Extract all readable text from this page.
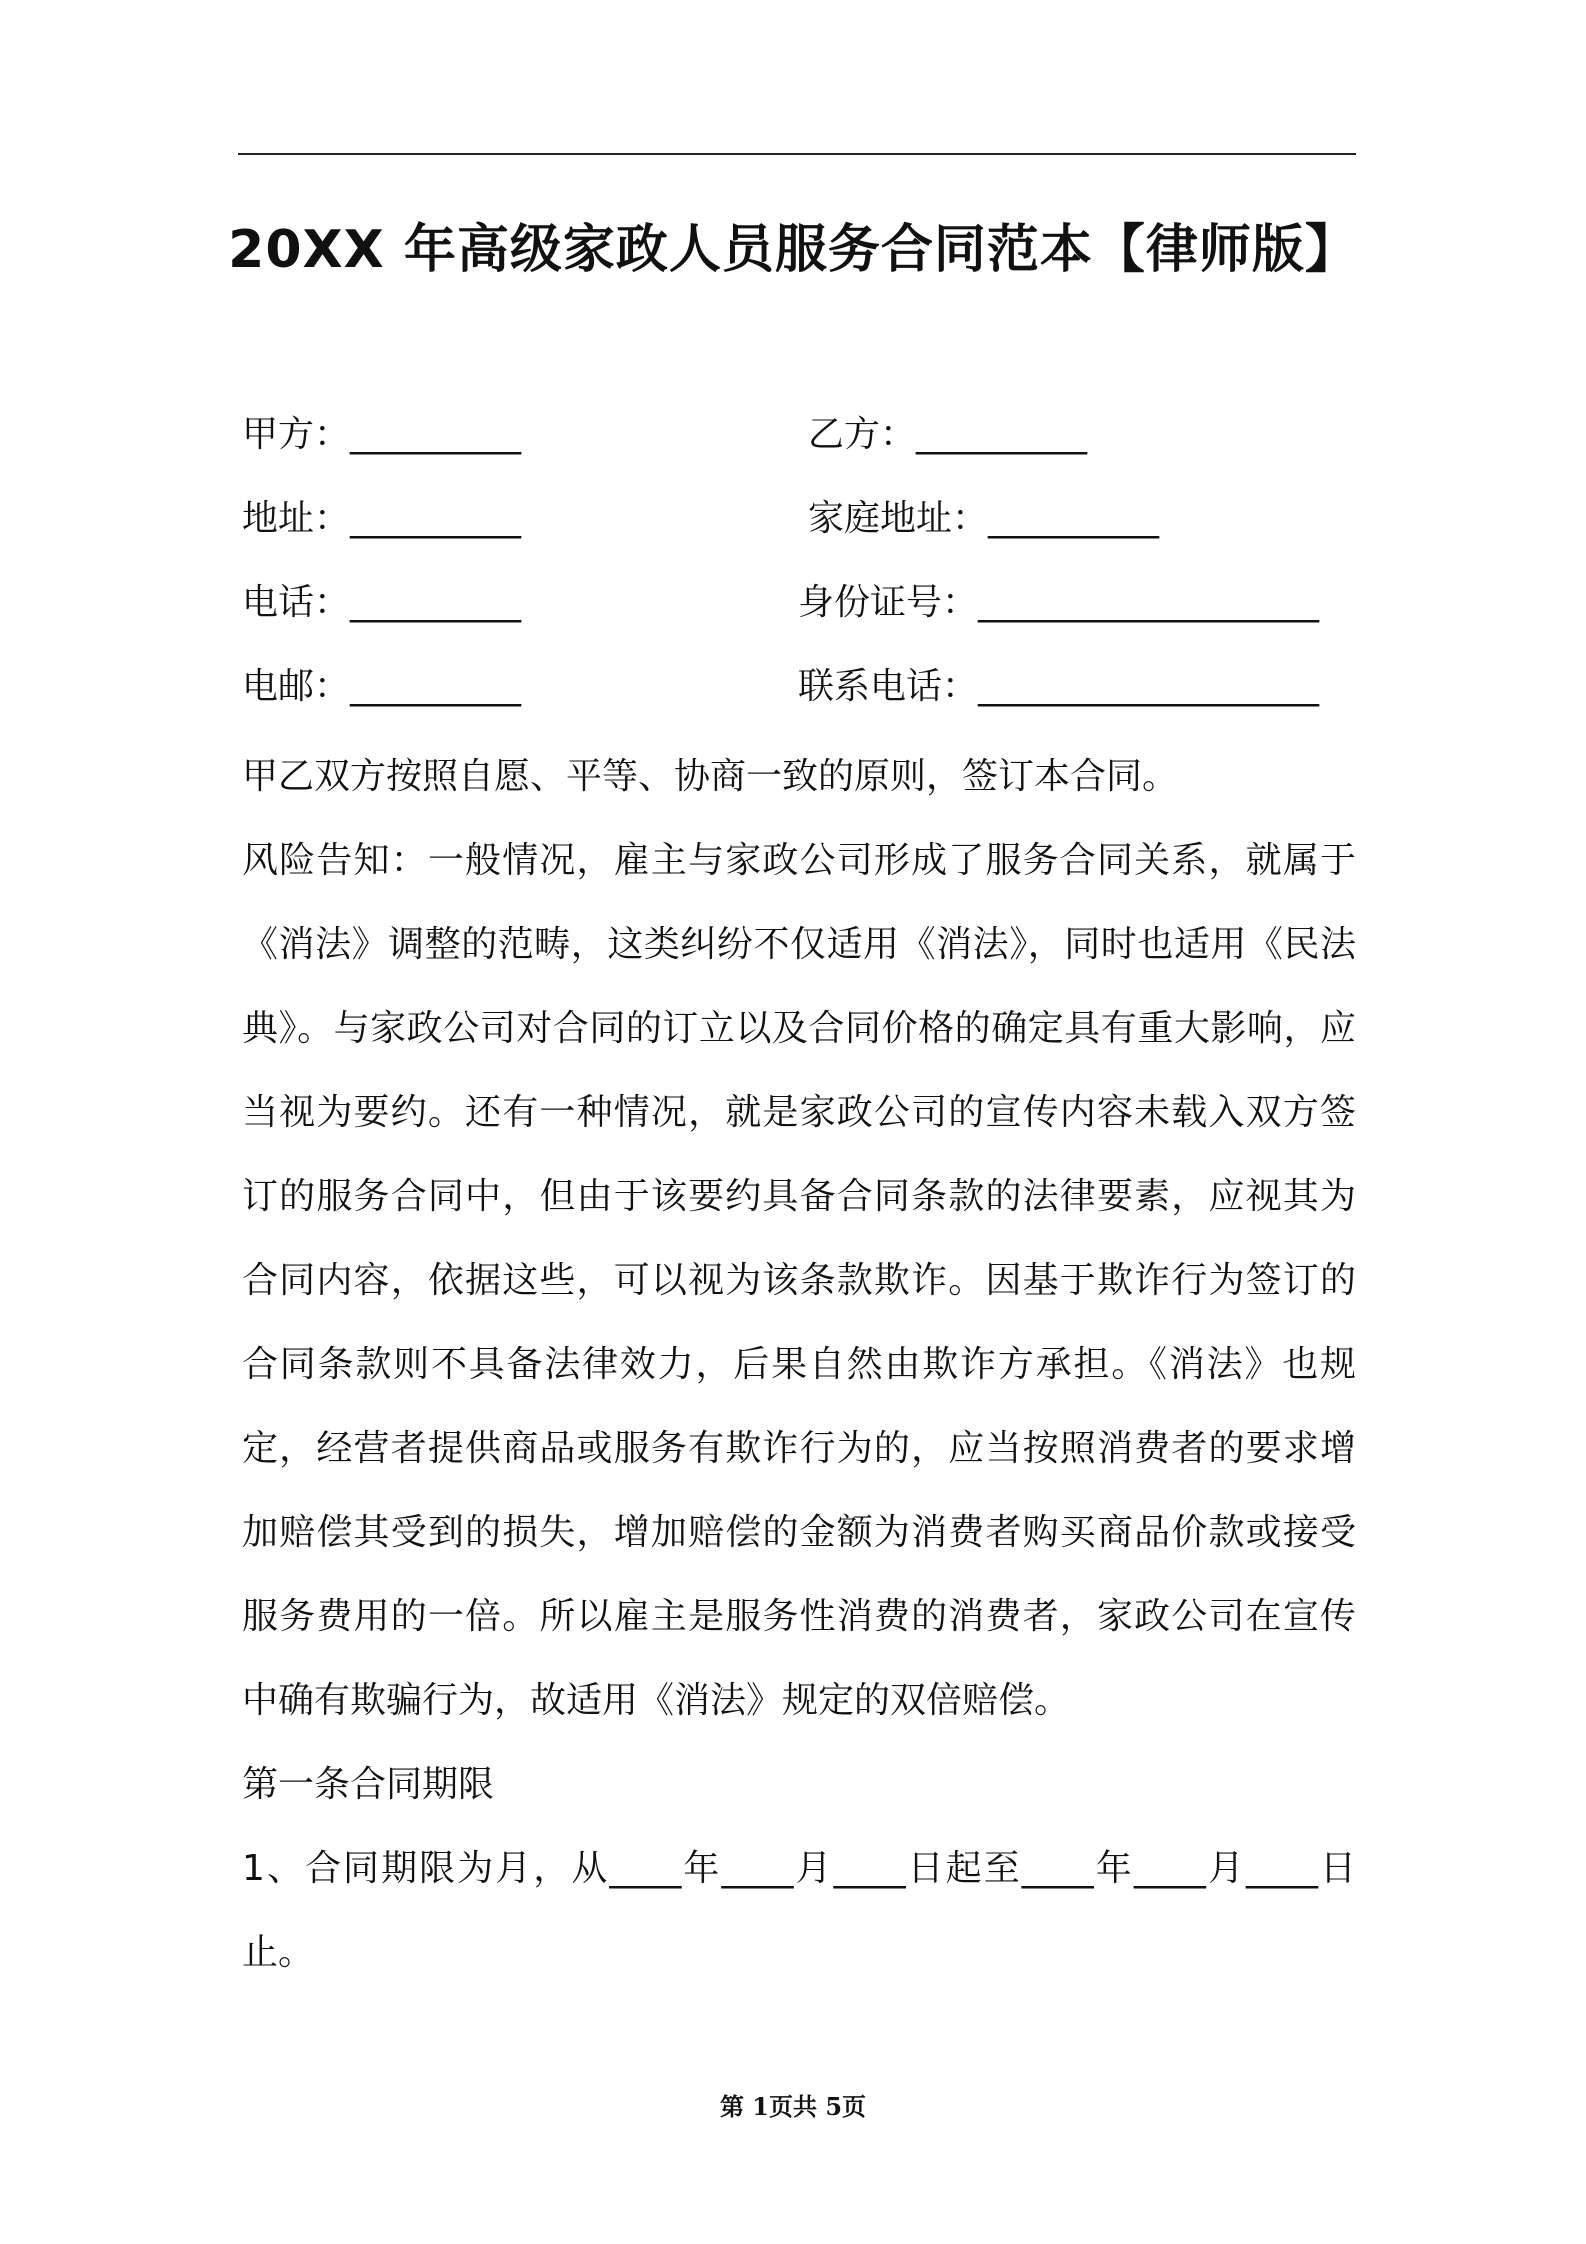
20XX 年高级家政人员服务合同范本【律师版】
甲方：__________	乙方：__________
地址：__________	家庭地址：__________
电话：__________	身份证号：____________________
电邮：__________	联系电话：____________________

甲乙双方按照自愿、平等、协商一致的原则，签订本合同。

风险告知：一般情况，雇主与家政公司形成了服务合同关系，就属于《消法》调整的范畴，这类纠纷不仅适用《消法》，同时也适用《民法典》。与家政公司对合同的订立以及合同价格的确定具有重大影响，应当视为要约。还有一种情况，就是家政公司的宣传内容未载入双方签订的服务合同中，但由于该要约具备合同条款的法律要素，应视其为合同内容，依据这些，可以视为该条款欺诈。因基于欺诈行为签订的合同条款则不具备法律效力，后果自然由欺诈方承担。《消法》也规定，经营者提供商品或服务有欺诈行为的，应当按照消费者的要求增加赔偿其受到的损失，增加赔偿的金额为消费者购买商品价款或接受服务费用的一倍。所以雇主是服务性消费的消费者，家政公司在宣传中确有欺骗行为，故适用《消法》规定的双倍赔偿。

第一条合同期限

1、合同期限为月，从____年____月____日起至____年____月____日止。

第 1页共 5页
